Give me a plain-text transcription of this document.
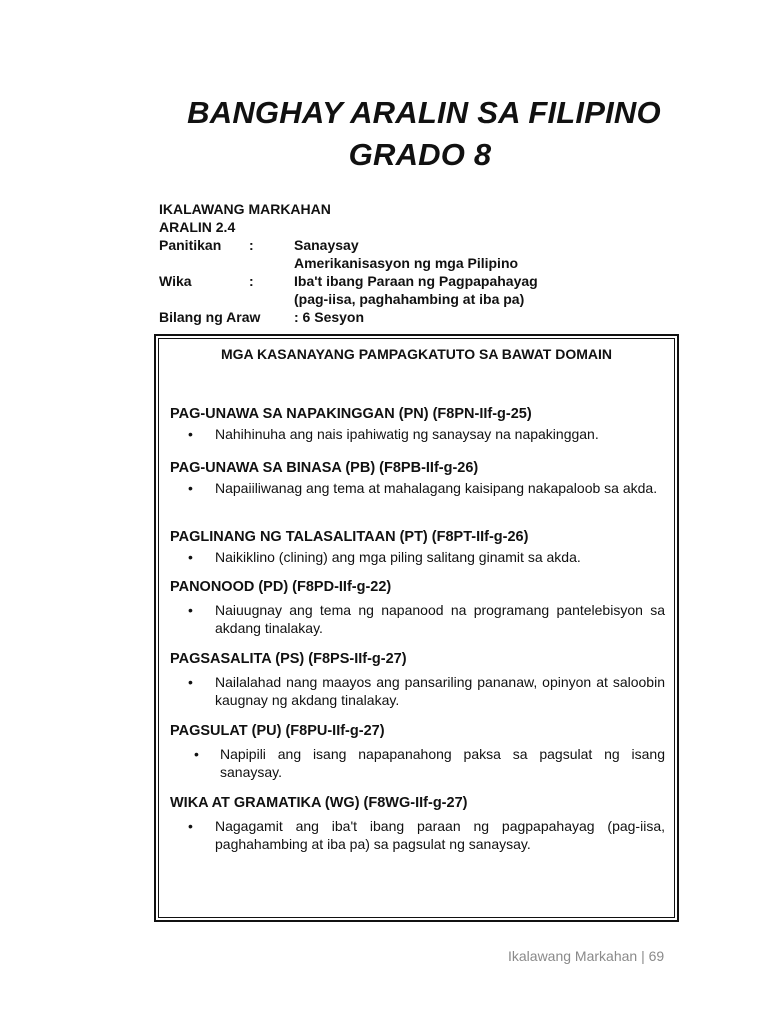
BANGHAY ARALIN SA FILIPINO
GRADO 8
IKALAWANG MARKAHAN
ARALIN 2.4
Panitikan :	Sanaysay
Amerikanisasyon ng mga Pilipino
Wika	:	Iba't ibang Paraan ng Pagpapahayag
(pag-iisa, paghahambing at iba pa)
Bilang ng Araw : 6 Sesyon
MGA KASANAYANG PAMPAGKATUTO SA BAWAT DOMAIN
PAG-UNAWA SA NAPAKINGGAN (PN) (F8PN-IIf-g-25)
• Nahihinuha ang nais ipahiwatig ng sanaysay na napakinggan.
PAG-UNAWA SA BINASA (PB) (F8PB-IIf-g-26)
• Napaiiliwanag ang tema at mahalagang kaisipang nakapaloob sa akda.
PAGLINANG NG TALASALITAAN (PT) (F8PT-IIf-g-26)
• Naikiklino (clining) ang mga piling salitang ginamit sa akda.
PANONOOD (PD) (F8PD-IIf-g-22)
• Naiuugnay ang tema ng napanood na programang pantelebisyon sa akdang tinalakay.
PAGSASALITA (PS) (F8PS-IIf-g-27)
• Nailalahad nang maayos ang pansariling pananaw, opinyon at saloobin kaugnay ng akdang tinalakay.
PAGSULAT (PU) (F8PU-IIf-g-27)
• Napipili ang isang napapanahong paksa sa pagsulat ng isang sanaysay.
WIKA AT GRAMATIKA (WG) (F8WG-IIf-g-27)
• Nagagamit ang iba't ibang paraan ng pagpapahayag (pag-iisa, paghahambing at iba pa) sa pagsulat ng sanaysay.
Ikalawang Markahan | 69
